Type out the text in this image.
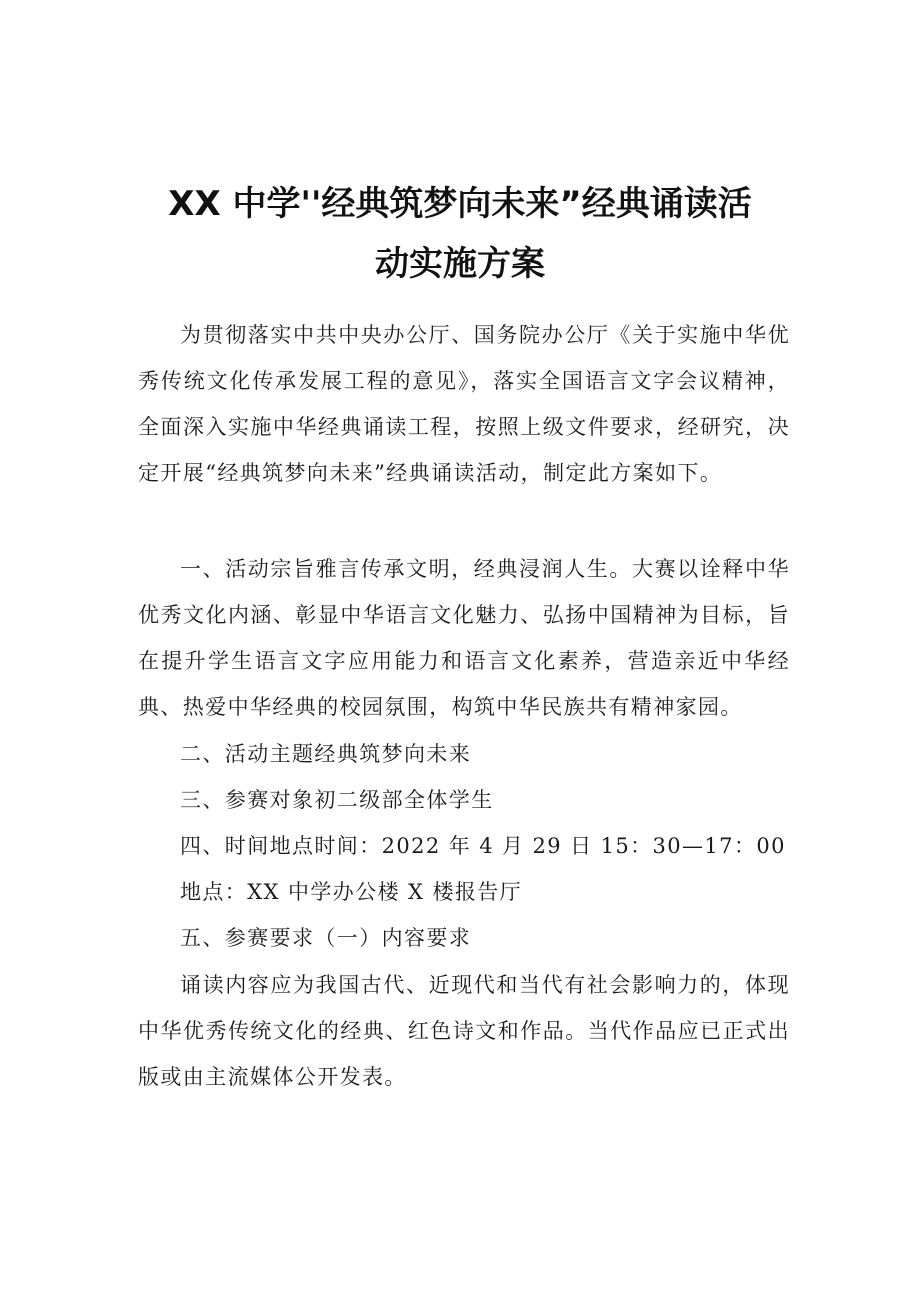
XX 中学''经典筑梦向未来”经典诵读活
动实施方案
为贯彻落实中共中央办公厅、国务院办公厅《关于实施中华优秀传统文化传承发展工程的意见》，落实全国语言文字会议精神，全面深入实施中华经典诵读工程，按照上级文件要求，经研究，决定开展“经典筑梦向未来”经典诵读活动，制定此方案如下。
一、活动宗旨雅言传承文明，经典浸润人生。大赛以诠释中华优秀文化内涵、彰显中华语言文化魅力、弘扬中国精神为目标，旨在提升学生语言文字应用能力和语言文化素养，营造亲近中华经典、热爱中华经典的校园氛围，构筑中华民族共有精神家园。
二、活动主题经典筑梦向未来
三、参赛对象初二级部全体学生
四、时间地点时间：2022 年 4 月 29 日 15：30—17：00
地点：XX 中学办公楼 X 楼报告厅
五、参赛要求（一）内容要求
诵读内容应为我国古代、近现代和当代有社会影响力的，体现中华优秀传统文化的经典、红色诗文和作品。当代作品应已正式出版或由主流媒体公开发表。
